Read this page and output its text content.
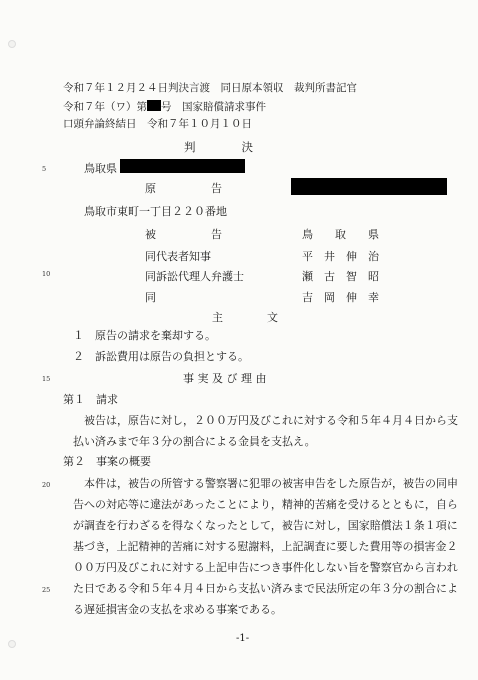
令和７年１２月２４日判決言渡　同日原本領収　裁判所書記官
令和７年（ワ）第 号　国家賠償請求事件
口頭弁論終結日　令和７年１０月１０日
判　　　　決
5
10
15
20
25
鳥取県
原　　　　　告
鳥取市東町一丁目２２０番地
被　　　　　告	鳥　　取　　県
同代表者知事	平　井　伸　治
同訴訟代理人弁護士	瀬　古　智　昭
同	吉　岡　伸　幸
主　　　　文
１　原告の請求を棄却する。
２　訴訟費用は原告の負担とする。
事 実 及 び 理 由
第１　請求
被告は，原告に対し，２００万円及びこれに対する令和５年４月４日から支
払い済みまで年３分の割合による金員を支払え。
第２　事案の概要
本件は，被告の所管する警察署に犯罪の被害申告をした原告が，被告の同申
告への対応等に違法があったことにより，精神的苦痛を受けるとともに，自ら
が調査を行わざるを得なくなったとして，被告に対し，国家賠償法１条１項に
基づき，上記精神的苦痛に対する慰謝料，上記調査に要した費用等の損害金２
００万円及びこれに対する上記申告につき事件化しない旨を警察官から言われ
た日である令和５年４月４日から支払い済みまで民法所定の年３分の割合によ
る遅延損害金の支払を求める事案である。
-1-
